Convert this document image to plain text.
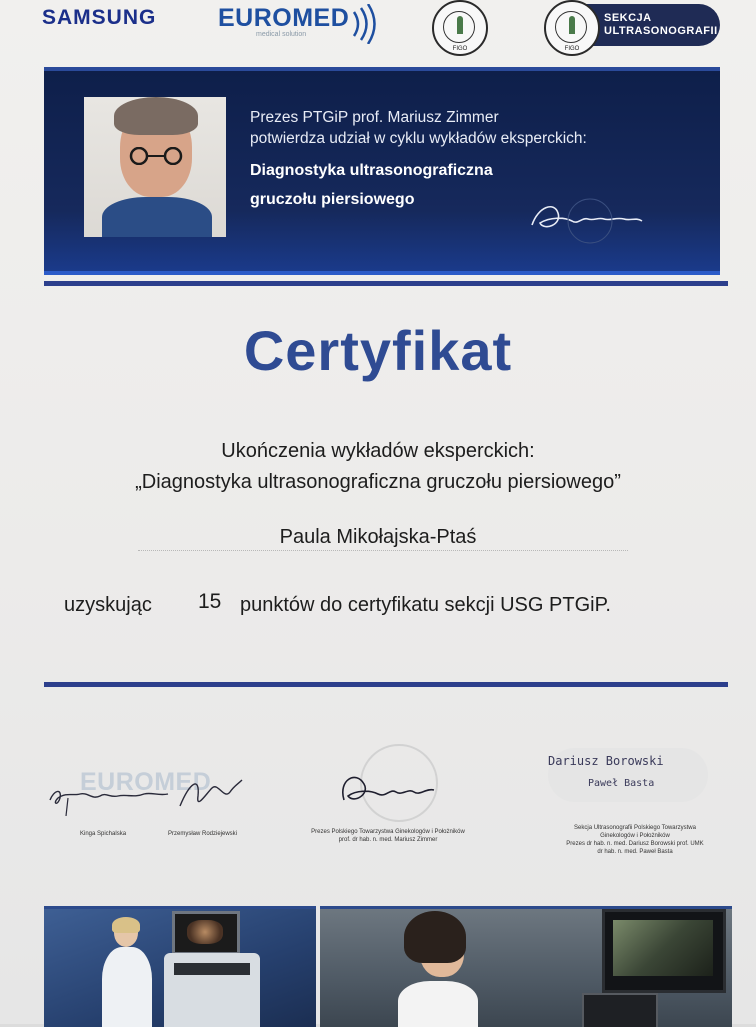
SAMSUNG EUROMED
medical solution
FIGO
SEKCJA
ULTRASONOGRAFII
FIGO
Prezes PTGiP prof. Mariusz Zimmer
potwierdza udział w cyklu wykładów eksperckich:
Diagnostyka ultrasonograficzna
gruczołu piersiowego
Certyfikat
Ukończenia wykładów eksperckich:
„Diagnostyka ultrasonograficzna gruczołu piersiowego”
Paula Mikołajska-Ptaś
uzyskując 15 punktów do certyfikatu sekcji USG PTGiP.
EUROMED
Dariusz Borowski
Paweł Basta
Kinga Spichalska	Przemysław Rodziejewski	Prezes Polskiego Towarzystwa Ginekologów i Położników
prof. dr hab. n. med. Mariusz Zimmer
Sekcja Ultrasonografii Polskiego Towarzystwa
Ginekologów i Położników
Prezes dr hab. n. med. Dariusz Borowski prof. UMK
dr hab. n. med. Paweł Basta
